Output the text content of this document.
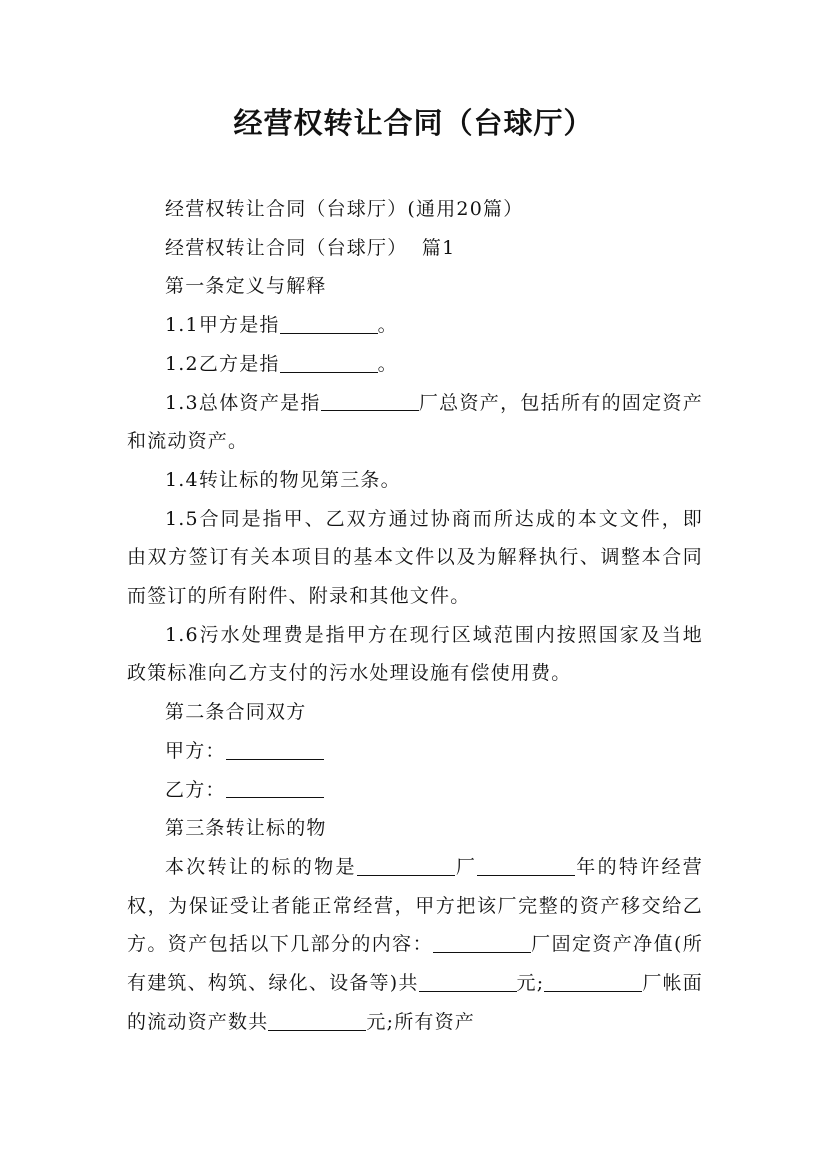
经营权转让合同（台球厅）

经营权转让合同（台球厅）(通用20篇）

经营权转让合同（台球厅）  篇1

第一条定义与解释

1.1甲方是指	。

1.2乙方是指	。

1.3总体资产是指	厂总资产，包括所有的固定资产和流动资产。

1.4转让标的物见第三条。

1.5合同是指甲、乙双方通过协商而所达成的本文文件，即由双方签订有关本项目的基本文件以及为解释执行、调整本合同而签订的所有附件、附录和其他文件。

1.6污水处理费是指甲方在现行区域范围内按照国家及当地政策标准向乙方支付的污水处理设施有偿使用费。

第二条合同双方

甲方：

乙方：

第三条转让标的物

本次转让的标的物是	厂	年的特许经营权，为保证受让者能正常经营，甲方把该厂完整的资产移交给乙方。资产包括以下几部分的内容：	厂固定资产净值(所有建筑、构筑、绿化、设备等)共	元;	厂帐面的流动资产数共	元;所有资产
